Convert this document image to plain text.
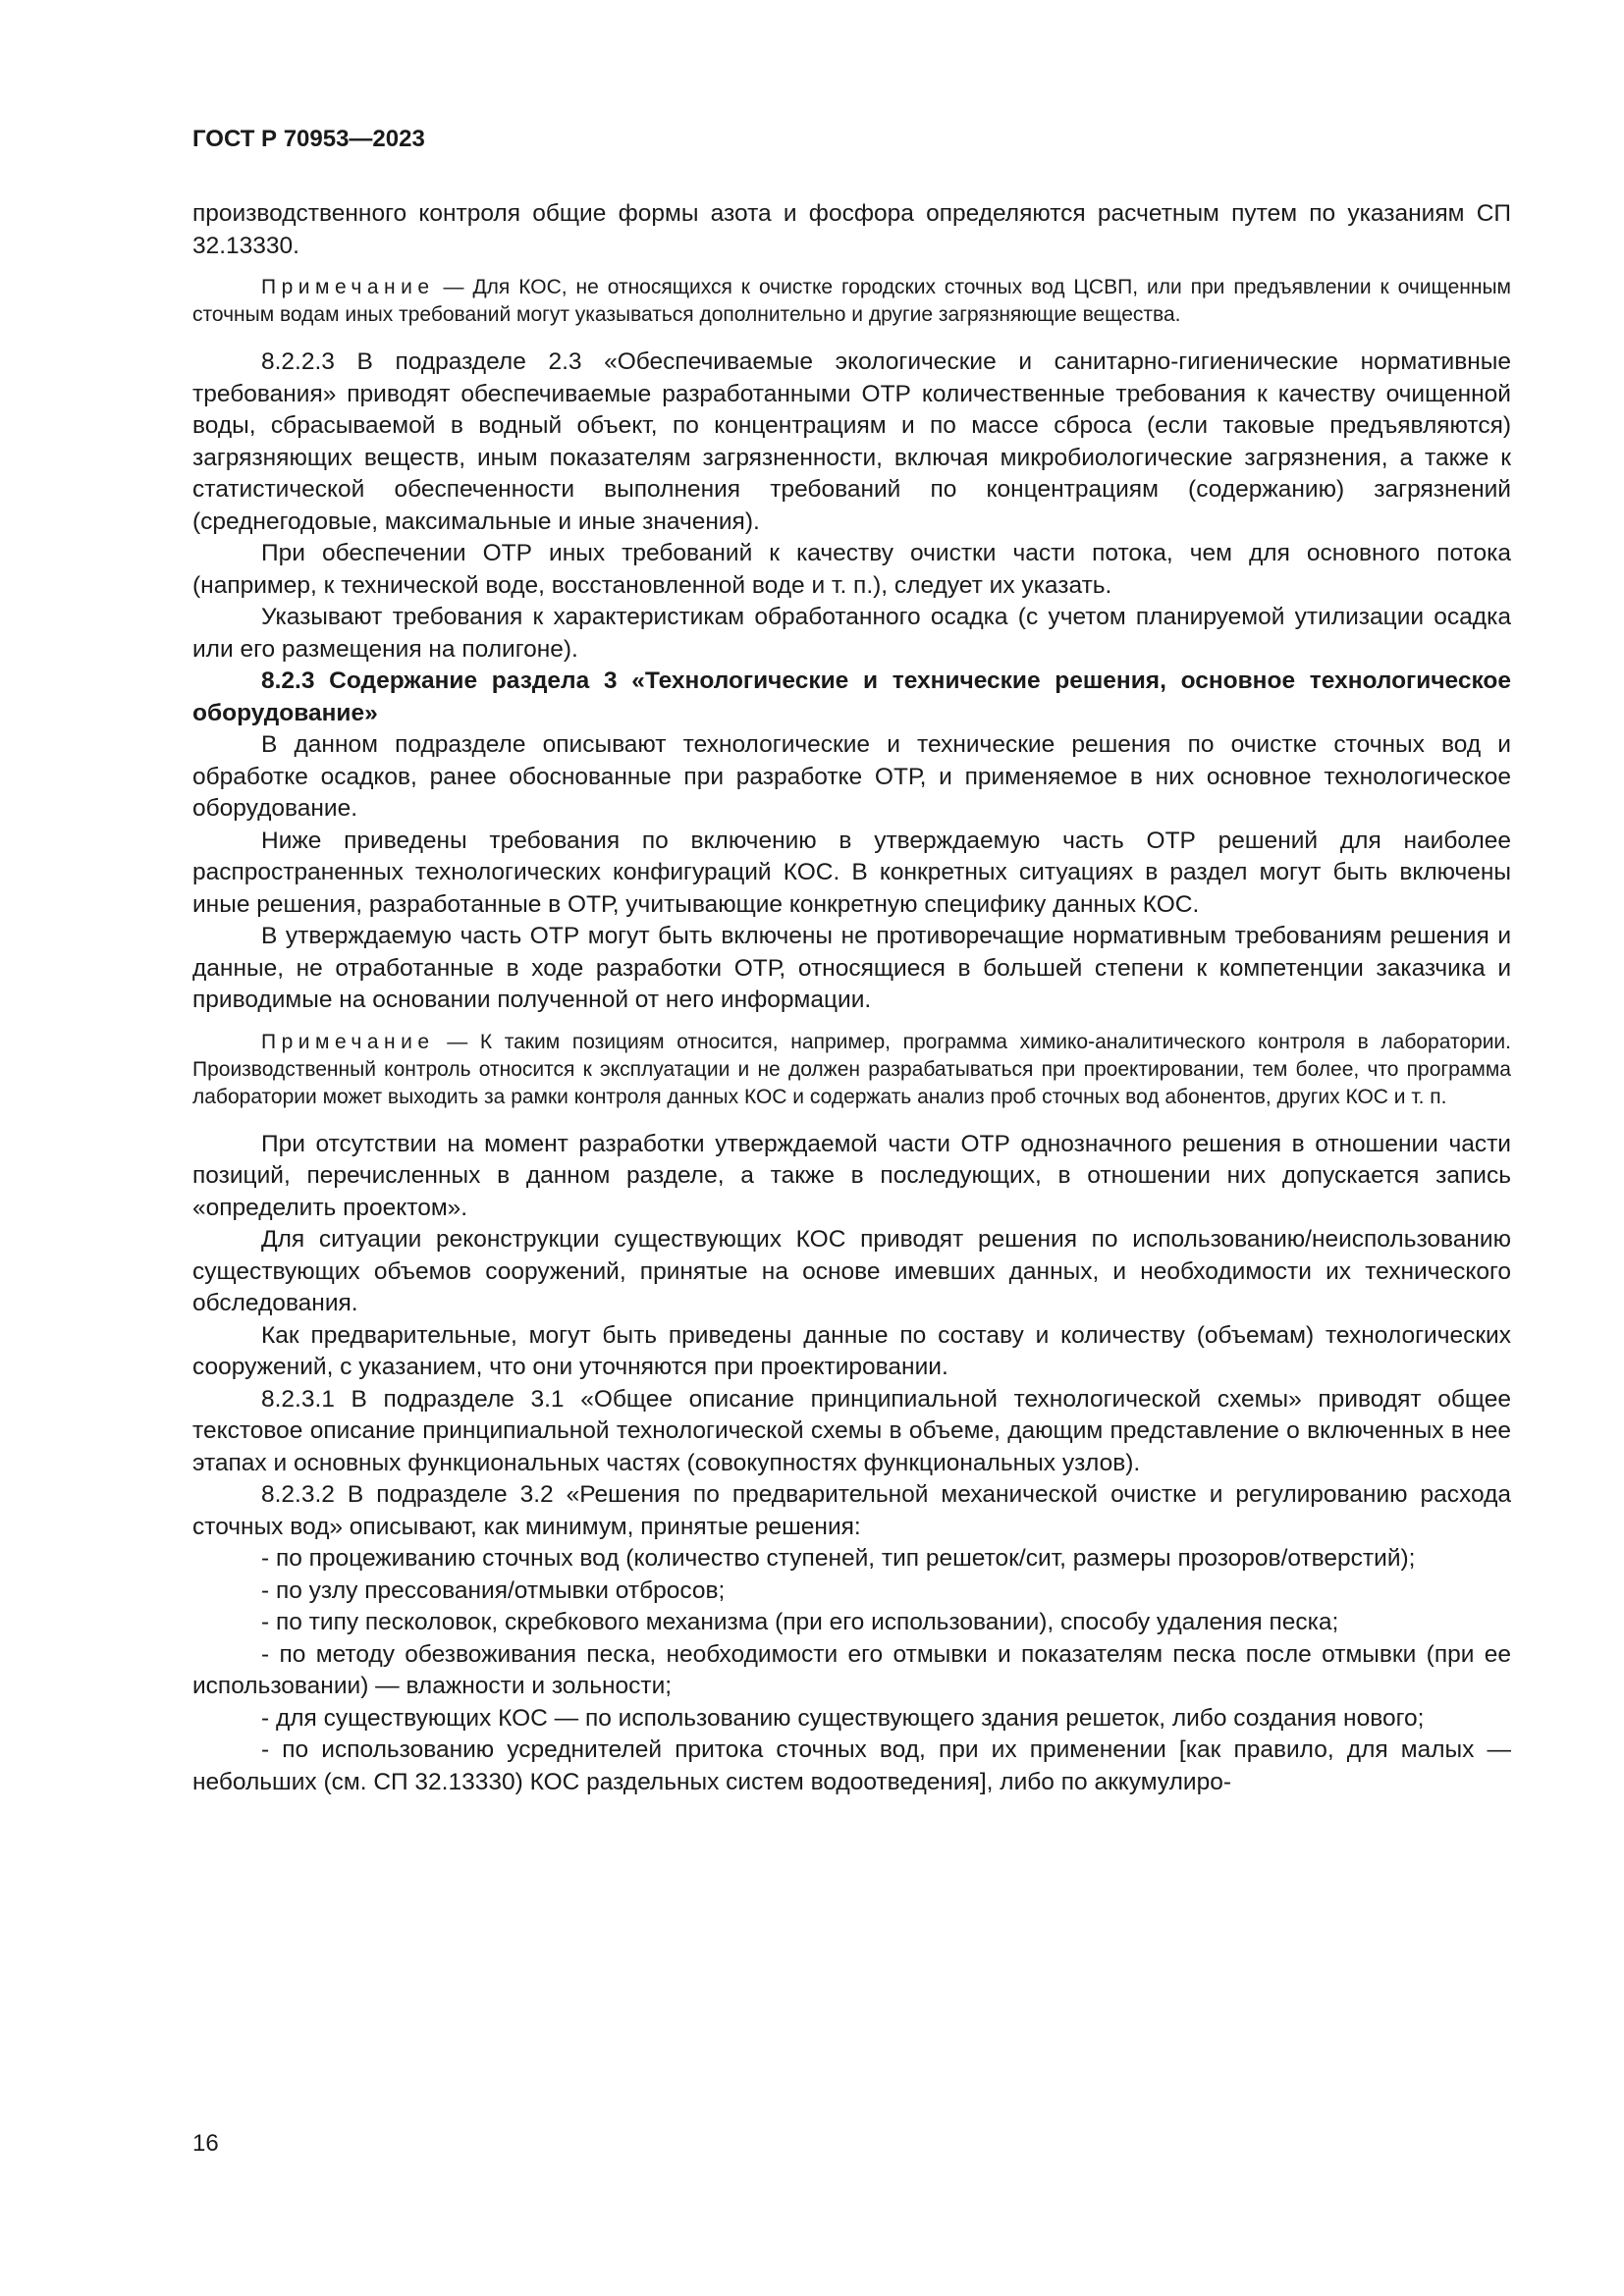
ГОСТ Р 70953—2023

производственного контроля общие формы азота и фосфора определяются расчетным путем по указаниям СП 32.13330.

Примечание — Для КОС, не относящихся к очистке городских сточных вод ЦСВП, или при предъявлении к очищенным сточным водам иных требований могут указываться дополнительно и другие загрязняющие вещества.

8.2.2.3 В подразделе 2.3 «Обеспечиваемые экологические и санитарно-гигиенические нормативные требования» приводят обеспечиваемые разработанными ОТР количественные требования к качеству очищенной воды, сбрасываемой в водный объект, по концентрациям и по массе сброса (если таковые предъявляются) загрязняющих веществ, иным показателям загрязненности, включая микробиологические загрязнения, а также к статистической обеспеченности выполнения требований по концентрациям (содержанию) загрязнений (среднегодовые, максимальные и иные значения).

При обеспечении ОТР иных требований к качеству очистки части потока, чем для основного потока (например, к технической воде, восстановленной воде и т. п.), следует их указать.

Указывают требования к характеристикам обработанного осадка (с учетом планируемой утилизации осадка или его размещения на полигоне).

8.2.3 Содержание раздела 3 «Технологические и технические решения, основное технологическое оборудование»

В данном подразделе описывают технологические и технические решения по очистке сточных вод и обработке осадков, ранее обоснованные при разработке ОТР, и применяемое в них основное технологическое оборудование.

Ниже приведены требования по включению в утверждаемую часть ОТР решений для наиболее распространенных технологических конфигураций КОС. В конкретных ситуациях в раздел могут быть включены иные решения, разработанные в ОТР, учитывающие конкретную специфику данных КОС.

В утверждаемую часть ОТР могут быть включены не противоречащие нормативным требованиям решения и данные, не отработанные в ходе разработки ОТР, относящиеся в большей степени к компетенции заказчика и приводимые на основании полученной от него информации.

Примечание — К таким позициям относится, например, программа химико-аналитического контроля в лаборатории. Производственный контроль относится к эксплуатации и не должен разрабатываться при проектировании, тем более, что программа лаборатории может выходить за рамки контроля данных КОС и содержать анализ проб сточных вод абонентов, других КОС и т. п.

При отсутствии на момент разработки утверждаемой части ОТР однозначного решения в отношении части позиций, перечисленных в данном разделе, а также в последующих, в отношении них допускается запись «определить проектом».

Для ситуации реконструкции существующих КОС приводят решения по использованию/неиспользованию существующих объемов сооружений, принятые на основе имевших данных, и необходимости их технического обследования.

Как предварительные, могут быть приведены данные по составу и количеству (объемам) технологических сооружений, с указанием, что они уточняются при проектировании.

8.2.3.1 В подразделе 3.1 «Общее описание принципиальной технологической схемы» приводят общее текстовое описание принципиальной технологической схемы в объеме, дающим представление о включенных в нее этапах и основных функциональных частях (совокупностях функциональных узлов).

8.2.3.2 В подразделе 3.2 «Решения по предварительной механической очистке и регулированию расхода сточных вод» описывают, как минимум, принятые решения:

- по процеживанию сточных вод (количество ступеней, тип решеток/сит, размеры прозоров/отверстий);

- по узлу прессования/отмывки отбросов;

- по типу песколовок, скребкового механизма (при его использовании), способу удаления песка;

- по методу обезвоживания песка, необходимости его отмывки и показателям песка после отмывки (при ее использовании) — влажности и зольности;

- для существующих КОС — по использованию существующего здания решеток, либо создания нового;

- по использованию усреднителей притока сточных вод, при их применении [как правило, для малых — небольших (см. СП 32.13330) КОС раздельных систем водоотведения], либо по аккумулиро-

16
